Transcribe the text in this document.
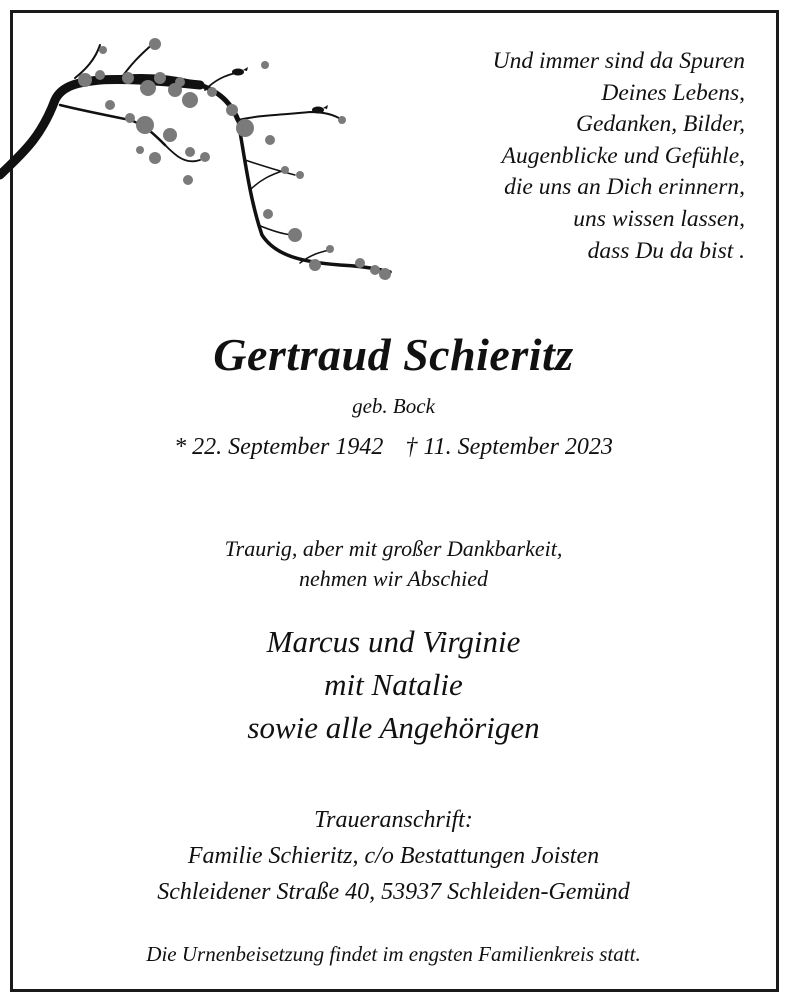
Und immer sind da Spuren
Deines Lebens,
Gedanken, Bilder,
Augenblicke und Gefühle,
die uns an Dich erinnern,
uns wissen lassen,
dass Du da bist .
Gertraud Schieritz
geb. Bock
* 22. September 1942 † 11. September 2023
Traurig, aber mit großer Dankbarkeit,
nehmen wir Abschied
Marcus und Virginie
mit Natalie
sowie alle Angehörigen
Traueranschrift:
Familie Schieritz, c/o Bestattungen Joisten
Schleidener Straße 40, 53937 Schleiden-Gemünd
Die Urnenbeisetzung findet im engsten Familienkreis statt.
